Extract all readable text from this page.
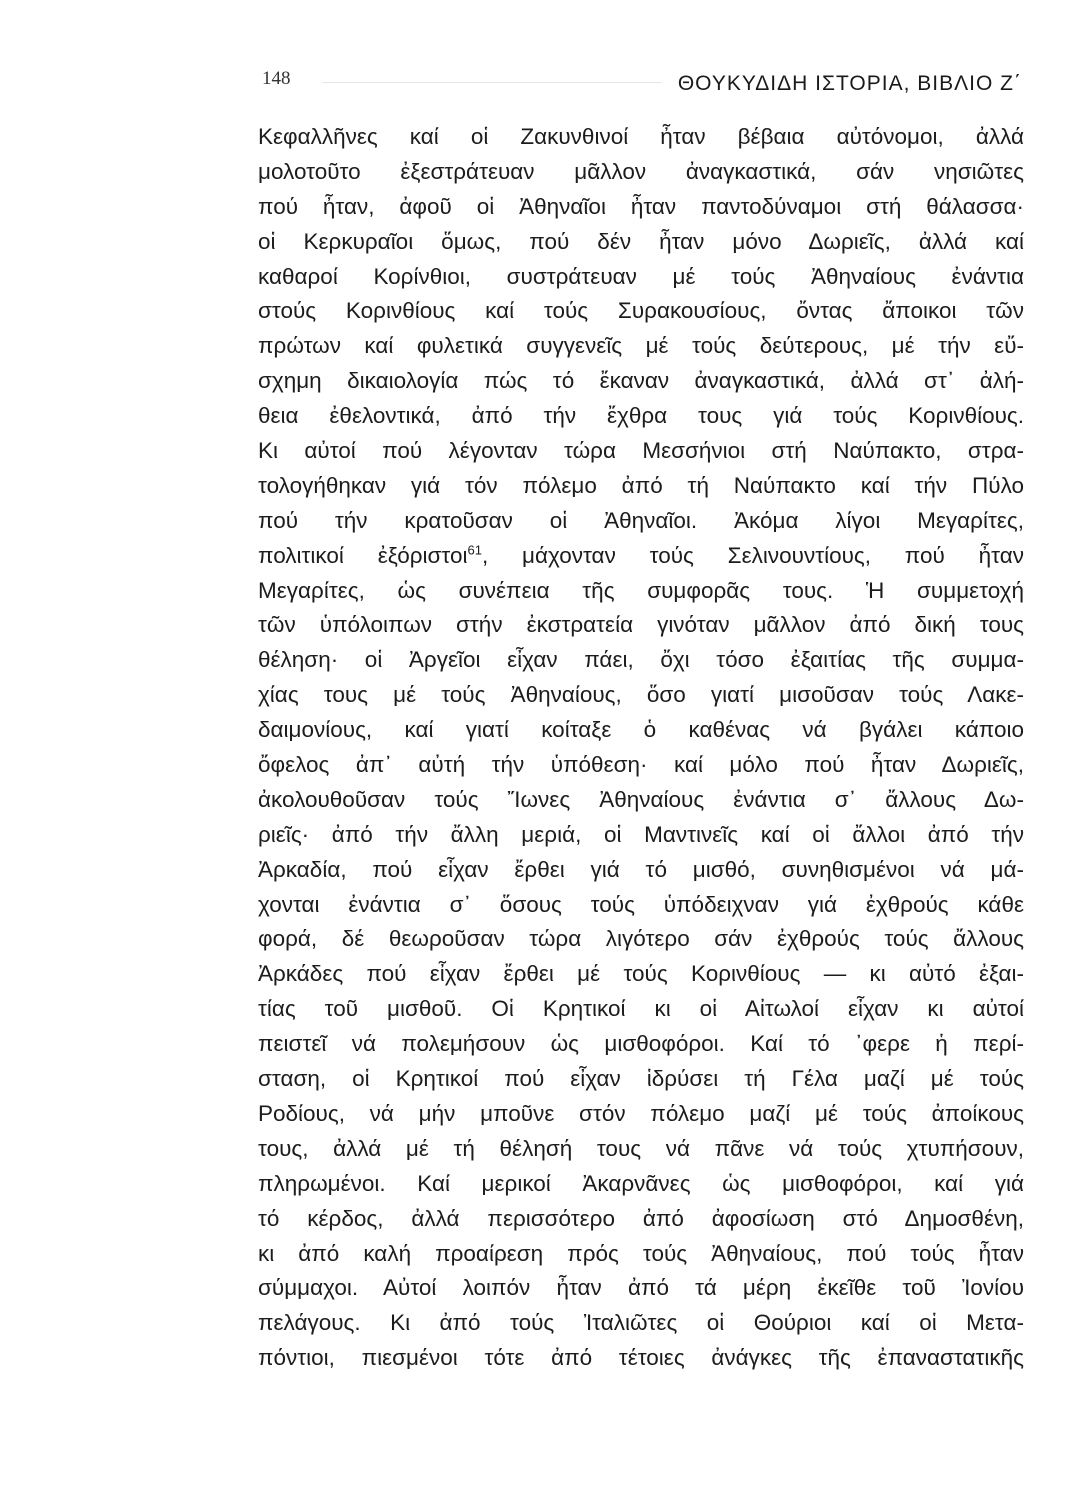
148	ΘΟΥΚΥΔΙΔΗ ΙΣΤΟΡΙΑ, ΒΙΒΛΙΟ Ζ΄
Κεφαλλῆνες καί οἱ Ζακυνθινοί ἦταν βέβαια αὐτόνομοι, ἀλλά
μολοτοῦτο ἐξεστράτευαν μᾶλλον ἀναγκαστικά, σάν νησιῶτες
πού ἦταν, ἀφοῦ οἱ Ἀθηναῖοι ἦταν παντοδύναμοι στή θάλασσα·
οἱ Κερκυραῖοι ὅμως, πού δέν ἦταν μόνο Δωριεῖς, ἀλλά καί
καθαροί Κορίνθιοι, συστράτευαν μέ τούς Ἀθηναίους ἐνάντια
στούς Κορινθίους καί τούς Συρακουσίους, ὄντας ἄποικοι τῶν
πρώτων καί φυλετικά συγγενεῖς μέ τούς δεύτερους, μέ τήν εὔ-
σχημη δικαιολογία πώς τό ἔκαναν ἀναγκαστικά, ἀλλά στ᾿ ἀλή-
θεια ἐθελοντικά, ἀπό τήν ἔχθρα τους γιά τούς Κορινθίους.
Κι αὐτοί πού λέγονταν τώρα Μεσσήνιοι στή Ναύπακτο, στρα-
τολογήθηκαν γιά τόν πόλεμο ἀπό τή Ναύπακτο καί τήν Πύλο
πού τήν κρατοῦσαν οἱ Ἀθηναῖοι. Ἀκόμα λίγοι Μεγαρίτες,
πολιτικοί ἐξόριστοι$^{61}$, μάχονταν τούς Σελινουντίους, πού ἦταν
Μεγαρίτες, ὡς συνέπεια τῆς συμφορᾶς τους. Ἡ συμμετοχή
τῶν ὑπόλοιπων στήν ἐκστρατεία γινόταν μᾶλλον ἀπό δική τους
θέληση· οἱ Ἀργεῖοι εἶχαν πάει, ὄχι τόσο ἐξαιτίας τῆς συμμα-
χίας τους μέ τούς Ἀθηναίους, ὅσο γιατί μισοῦσαν τούς Λακε-
δαιμονίους, καί γιατί κοίταξε ὁ καθένας νά βγάλει κάποιο
ὄφελος ἀπ᾿ αὐτή τήν ὑπόθεση· καί μόλο πού ἦταν Δωριεῖς,
ἀκολουθοῦσαν τούς Ἴωνες Ἀθηναίους ἐνάντια σ᾿ ἄλλους Δω-
ριεῖς· ἀπό τήν ἄλλη μεριά, οἱ Μαντινεῖς καί οἱ ἄλλοι ἀπό τήν
Ἀρκαδία, πού εἶχαν ἔρθει γιά τό μισθό, συνηθισμένοι νά μά-
χονται ἐνάντια σ᾿ ὅσους τούς ὑπόδειχναν γιά ἐχθρούς κάθε
φορά, δέ θεωροῦσαν τώρα λιγότερο σάν ἐχθρούς τούς ἄλλους
Ἀρκάδες πού εἶχαν ἔρθει μέ τούς Κορινθίους — κι αὐτό ἐξαι-
τίας τοῦ μισθοῦ. Οἱ Κρητικοί κι οἱ Αἰτωλοί εἶχαν κι αὐτοί
πειστεῖ νά πολεμήσουν ὡς μισθοφόροι. Καί τό ᾿φερε ἡ περί-
σταση, οἱ Κρητικοί πού εἶχαν ἱδρύσει τή Γέλα μαζί μέ τούς
Ροδίους, νά μήν μποῦνε στόν πόλεμο μαζί μέ τούς ἀποίκους
τους, ἀλλά μέ τή θέλησή τους νά πᾶνε νά τούς χτυπήσουν,
πληρωμένοι. Καί μερικοί Ἀκαρνᾶνες ὡς μισθοφόροι, καί γιά
τό κέρδος, ἀλλά περισσότερο ἀπό ἀφοσίωση στό Δημοσθένη,
κι ἀπό καλή προαίρεση πρός τούς Ἀθηναίους, πού τούς ἦταν
σύμμαχοι. Αὐτοί λοιπόν ἦταν ἀπό τά μέρη ἐκεῖθε τοῦ Ἰονίου
πελάγους. Κι ἀπό τούς Ἰταλιῶτες οἱ Θούριοι καί οἱ Μετα-
πόντιοι, πιεσμένοι τότε ἀπό τέτοιες ἀνάγκες τῆς ἐπαναστατικῆς
